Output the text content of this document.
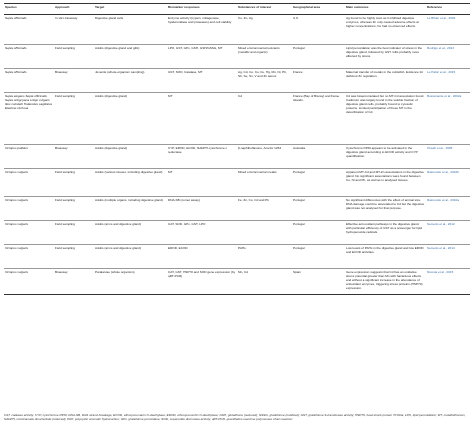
Species	Approach	Target	Biomarker responses	Substances of interest	Geographical area	Main outcomes	Reference
Sepia officinalis	In vitro bioassay	Digestive gland cells	Enzyme activity (trypsin, collagenase, hyaluronidase and proteases) and cell viability	Cu, Zn, Ag	U.K.	Ag found to be highly toxic as it inhibited digestive enzymes, whereas Zn only caused adverse effects at higher concentrations; Cu had no observed effects.	Le Bihan et al., 2004
Sepia officinalis	Field sampling	Adults (digestive gland and gills)	LPO, GST, GPx, GSH, GSH/GSSG, MT	Mixed environmental toxicants (metallic and organic)	Portugal	Lipid peroxidation was the best indicator of stress in the digestive gland, followed by GST. Gills probably more affected by stress.	Rodrigo et al., 2013
Sepia officinalis	Bioassay	Juvenile (whole-organism sampling)	GST, SOD, Catalase, MT	Ag, Cd, Co, Cu, Fe, Hg, Mn, Ni, Pb, Sb, Se, Sn, V and Zn atoms	France	Maternal transfer of metals in the cuttlefish. Evidence for deficient Zn regulation.	Le Pabic et al., 2015
Sepia elegans Sepia officinalis Sepia orbignyana Loligo vulgaris Illex coindetii Todarodes sagittatus Eledone cirrhosa	Field sampling	Adults (digestive gland)	MT	Cd	France (Bay of Biscay) and Faroe Islands.	Cd was bioaccumulated but no MT-Cd association found. Cadmium was largely found in the soluble fraction of digestive gland cells, probably bound to cytosolic proteins. Limited participation of these MT in the detoxification of Cd.	Bustamante et al., 2002a
Octopus pallidus	Bioassay	Adults (digestive gland)	CYP, EROD, ECOD, NADPH cytochrome c reductase	β-naphthoflavone, Aroclor 1254	Australia	Cytochrome P450 appears to be activated in the digestive gland according to ECOD activity and CYP quantification.	Cheah et al., 1995
Octopus vulgaris	Field sampling	Adults (various tissues, including digestive gland)	MT	Mixed environmental metals	Portugal	Apparent MT-Cd and MT-Zn associations in the digestive gland. No significant associations were found between Co, Ni and Pb, as well as in analysed tissues.	Raimundo et al., 2010b
Octopus vulgaris	Field sampling	Adults (multiple organs, including digestive gland)	DNA-SB (comet assay)	Fe, Zn, Cu, Cd and Pb	Portugal	No significant differences with the effect of animal size. DNA damage could be associated to Cd but the digestive gland was not analysed for that purpose.	Raimundo et al., 2010a
Octopus vulgaris	Field sampling	Adults (arms and digestive gland)	CAT, SOD, GPx, GST, LPO		Portugal	Effective anti-oxidant pathways in the digestive gland, with particular efficiency of GST as a scavenger for lipid hydroperoxide radicals.	Semedo et al., 2012
Octopus vulgaris	Field sampling	Adults (arms and digestive gland)	EROD, ECOD	PAHs	Portugal	Low levels of PAHs in the digestive gland and low EROD and ECOD activities.	Semedo et al., 2014
Octopus vulgaris	Bioassay	Paralarvae (whole organism)	CAT, GST, HSP70 and SOD gene expression (by qRT-PCR)	Mn, Cd	Spain	Gene expression suggests that Cd has an oxidative stress potential greater than Mn with hazardous effects and without a significant increase in the abundance of antioxidant enzymes, triggering stress proteins (HSP70) expression.	Nicosia et al., 2015
CAT, catalase activity; CYP, cytochrome P450; DNA-SB, DNA strand breakage; ECOD, ethoxycoumarin O-deethylase; EROD, ethoxyresorufin O-deethylase; GSH, glutathione (reduced); GSSG, glutathione (oxidized); GST, glutathione S-transferase activity; HSP70, heat-shock protein 70 KDa; LPO, lipid peroxidation; MT, metallothionein; NADPH, nicotinamide dinucleotide (reduced); PAH, polycyclic aromatic hydrocarbon; GPx, glutathione peroxidase; SOD, superoxide dismutase activity; qRT-PCR, quantitative real-time polymerase chain reaction.
